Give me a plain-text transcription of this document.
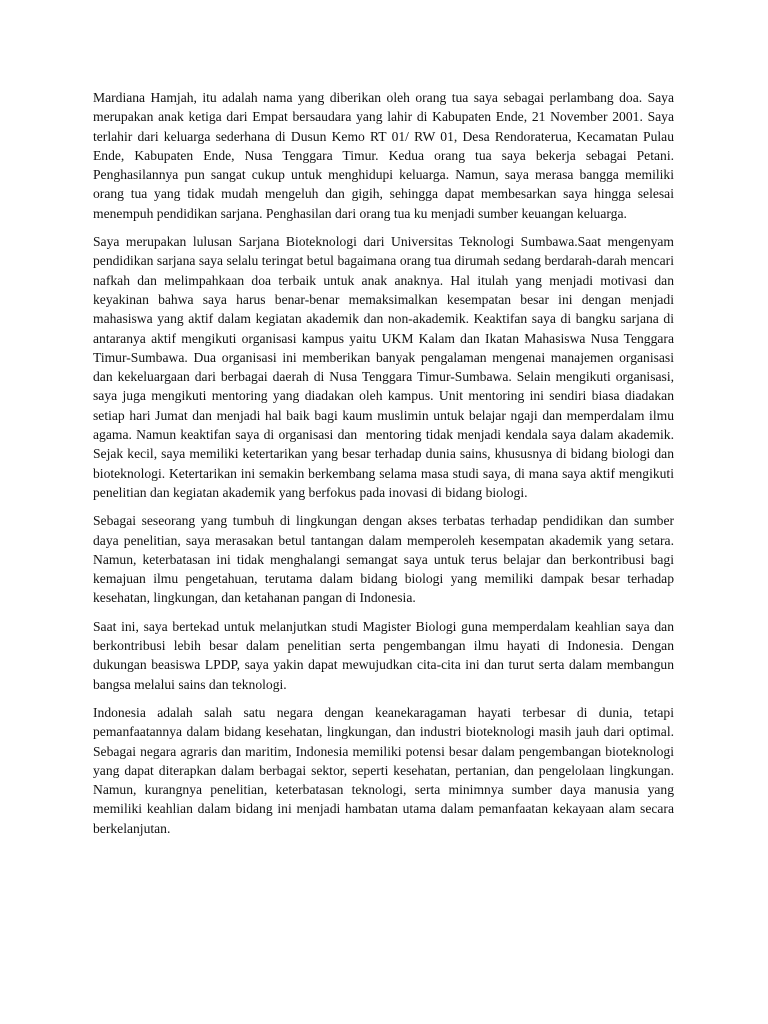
Mardiana Hamjah, itu adalah nama yang diberikan oleh orang tua saya sebagai perlambang doa. Saya merupakan anak ketiga dari Empat bersaudara yang lahir di Kabupaten Ende, 21 November 2001. Saya terlahir dari keluarga sederhana di Dusun Kemo RT 01/ RW 01, Desa Rendoraterua, Kecamatan Pulau Ende, Kabupaten Ende, Nusa Tenggara Timur. Kedua orang tua saya bekerja sebagai Petani. Penghasilannya pun sangat cukup untuk menghidupi keluarga. Namun, saya merasa bangga memiliki orang tua yang tidak mudah mengeluh dan gigih, sehingga dapat membesarkan saya hingga selesai menempuh pendidikan sarjana. Penghasilan dari orang tua ku menjadi sumber keuangan keluarga.

Saya merupakan lulusan Sarjana Bioteknologi dari Universitas Teknologi Sumbawa.Saat mengenyam pendidikan sarjana saya selalu teringat betul bagaimana orang tua dirumah sedang berdarah-darah mencari nafkah dan melimpahkaan doa terbaik untuk anak anaknya. Hal itulah yang menjadi motivasi dan keyakinan bahwa saya harus benar-benar memaksimalkan kesempatan besar ini dengan menjadi mahasiswa yang aktif dalam kegiatan akademik dan non-akademik. Keaktifan saya di bangku sarjana di antaranya aktif mengikuti organisasi kampus yaitu UKM Kalam dan Ikatan Mahasiswa Nusa Tenggara Timur-Sumbawa. Dua organisasi ini memberikan banyak pengalaman mengenai manajemen organisasi dan kekeluargaan dari berbagai daerah di Nusa Tenggara Timur-Sumbawa. Selain mengikuti organisasi, saya juga mengikuti mentoring yang diadakan oleh kampus. Unit mentoring ini sendiri biasa diadakan setiap hari Jumat dan menjadi hal baik bagi kaum muslimin untuk belajar ngaji dan memperdalam ilmu agama. Namun keaktifan saya di organisasi dan  mentoring tidak menjadi kendala saya dalam akademik. Sejak kecil, saya memiliki ketertarikan yang besar terhadap dunia sains, khususnya di bidang biologi dan bioteknologi. Ketertarikan ini semakin berkembang selama masa studi saya, di mana saya aktif mengikuti penelitian dan kegiatan akademik yang berfokus pada inovasi di bidang biologi.

Sebagai seseorang yang tumbuh di lingkungan dengan akses terbatas terhadap pendidikan dan sumber daya penelitian, saya merasakan betul tantangan dalam memperoleh kesempatan akademik yang setara. Namun, keterbatasan ini tidak menghalangi semangat saya untuk terus belajar dan berkontribusi bagi kemajuan ilmu pengetahuan, terutama dalam bidang biologi yang memiliki dampak besar terhadap kesehatan, lingkungan, dan ketahanan pangan di Indonesia.

Saat ini, saya bertekad untuk melanjutkan studi Magister Biologi guna memperdalam keahlian saya dan berkontribusi lebih besar dalam penelitian serta pengembangan ilmu hayati di Indonesia. Dengan dukungan beasiswa LPDP, saya yakin dapat mewujudkan cita-cita ini dan turut serta dalam membangun bangsa melalui sains dan teknologi.

Indonesia adalah salah satu negara dengan keanekaragaman hayati terbesar di dunia, tetapi pemanfaatannya dalam bidang kesehatan, lingkungan, dan industri bioteknologi masih jauh dari optimal. Sebagai negara agraris dan maritim, Indonesia memiliki potensi besar dalam pengembangan bioteknologi yang dapat diterapkan dalam berbagai sektor, seperti kesehatan, pertanian, dan pengelolaan lingkungan. Namun, kurangnya penelitian, keterbatasan teknologi, serta minimnya sumber daya manusia yang memiliki keahlian dalam bidang ini menjadi hambatan utama dalam pemanfaatan kekayaan alam secara berkelanjutan.
